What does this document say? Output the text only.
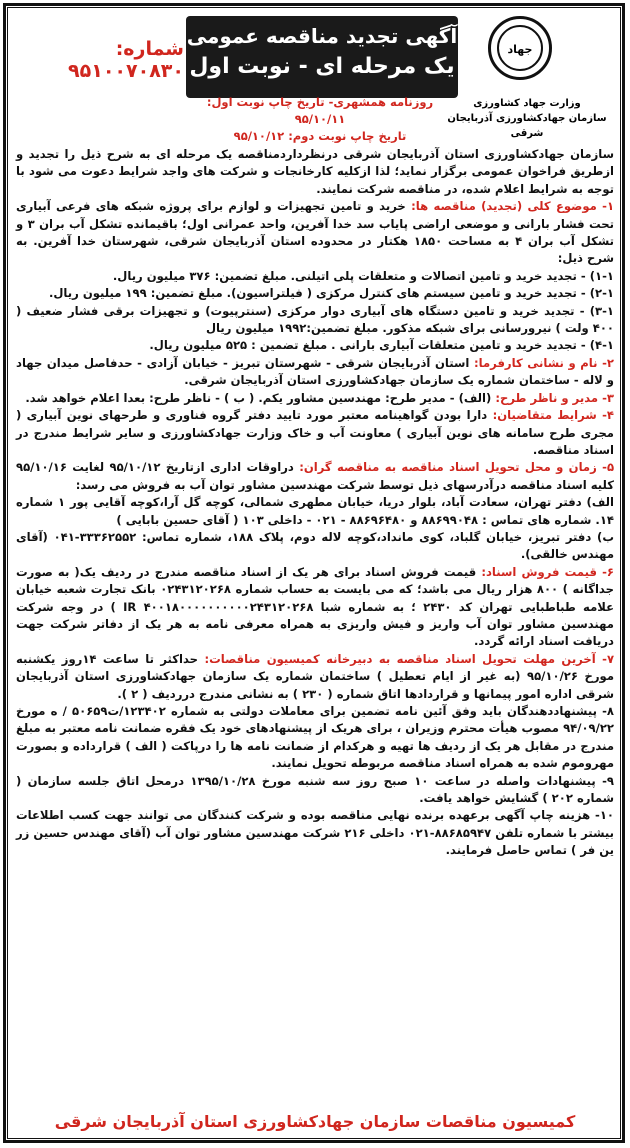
آگهی تجدید مناقصه عمومی
یک مرحله ای - نوبت اول
شماره: ۹۵۱۰۰۷۰۸۳۰
جهاد
وزارت جهاد کشاورزی
سازمان جهادکشاورزی آذربایجان شرقی
روزنامه همشهری- تاریخ چاپ نوبت اول: ۹۵/۱۰/۱۱
تاریخ چاپ نوبت دوم: ۹۵/۱۰/۱۲

سازمان جهادکشاورزی استان آذربایجان شرقی درنظرداردمناقصه یک مرحله ای به شرح ذیل را تجدید و ازطریق فراخوان عمومی برگزار نماید؛ لذا ازکلیه کارخانجات و شرکت های واجد شرایط دعوت می شود با توجه به شرایط اعلام شده، در مناقصه شرکت نمایند.

۱- موضوع کلی (تجدید) مناقصه ها: خرید و تامین تجهیزات و لوازم برای پروژه شبکه های فرعی آبیاری تحت فشار بارانی و موضعی اراضی پایاب سد خدا آفرین، واحد عمرانی اول؛ باقیمانده تشکل آب بران ۳ و تشکل آب بران ۴ به مساحت ۱۸۵۰ هکتار در محدوده استان آذربایجان شرقی، شهرستان خدا آفرین. به شرح ذیل:

۱-۱) - تجدید خرید و تامین اتصالات و متعلقات پلی اتیلنی. مبلغ تضمین: ۳۷۶ میلیون ریال.

۲-۱) - تجدید خرید و تامین سیستم های کنترل مرکزی ( فیلتراسیون). مبلغ تضمین: ۱۹۹ میلیون ریال.

۳-۱) - تجدید خرید و تامین دستگاه های آبیاری دوار مرکزی (سنترپیوت) و تجهیزات برقی فشار ضعیف ( ۴۰۰ ولت ) نیرورسانی برای شبکه مذکور. مبلغ تضمین:۱۹۹۲ میلیون ریال

۴-۱) - تجدید خرید و تامین متعلقات آبیاری بارانی . مبلغ تضمین : ۵۲۵ میلیون ریال.

۲- نام و نشانی کارفرما: استان آذربایجان شرقی - شهرستان تبریز - خیابان آزادی - حدفاصل میدان جهاد و لاله - ساختمان شماره یک سازمان جهادکشاورزی استان آذربایجان شرقی.

۳- مدیر و ناظر طرح: (الف) - مدیر طرح: مهندسین مشاور یکم. ( ب ) - ناظر طرح: بعدا اعلام خواهد شد.

۴- شرایط متقاضیان: دارا بودن گواهینامه معتبر مورد تایید دفتر گروه فناوری و طرحهای نوین آبیاری ( مجری طرح سامانه های نوین آبیاری ) معاونت آب و خاک وزارت جهادکشاورزی و سایر شرایط مندرج در اسناد مناقصه.

۵- زمان و محل تحویل اسناد مناقصه به مناقصه گران: دراوقات اداری ازتاریخ ۹۵/۱۰/۱۲ لغایت ۹۵/۱۰/۱۶ کلیه اسناد مناقصه درآدرسهای ذیل توسط شرکت مهندسین مشاور توان آب به فروش می رسد:

الف) دفتر تهران، سعادت آباد، بلوار دریا، خیابان مطهری شمالی، کوچه گل آرا،کوچه آقایی پور ۱ شماره ۱۴. شماره های تماس : ۸۸۶۹۹۰۴۸ و ۸۸۶۹۶۴۸۰ - ۰۲۱ - داخلی ۱۰۳ ( آقای حسین بابایی )

ب) دفتر تبریز، خیابان گلباد، کوی مانداد،کوچه لاله دوم، پلاک ۱۸۸، شماره تماس: ۳۳۳۶۲۵۵۲-۰۴۱ (آقای مهندس خالقی).

۶- قیمت فروش اسناد: قیمت فروش اسناد برای هر یک از اسناد مناقصه مندرج در ردیف یک( به صورت جداگانه ) ۸۰۰ هزار ریال می باشد؛ که می بایست به حساب شماره ۰۲۴۳۱۲۰۲۶۸ بانک تجارت شعبه خیابان علامه طباطبایی تهران کد ۲۴۳۰ ؛ به شماره شبا IR ۴۰۰۱۸۰۰۰۰۰۰۰۰۰۰۲۴۳۱۲۰۲۶۸ ) در وجه شرکت مهندسین مشاور توان آب واریز و فیش واریزی به همراه معرفی نامه به هر یک از دفاتر شرکت جهت دریافت اسناد ارائه گردد.

۷- آخرین مهلت تحویل اسناد مناقصه به دبیرخانه کمیسیون مناقصات: حداکثر تا ساعت ۱۴روز یکشنبه مورخ ۹۵/۱۰/۲۶ (به غیر از ایام تعطیل ) ساختمان شماره یک سازمان جهادکشاورزی استان آذربایجان شرقی اداره امور پیمانها و قراردادها اتاق شماره ( ۲۳۰ ) به نشانی مندرج درردیف ( ۲ ).

۸- پیشنهاددهندگان باید وفق آئین نامه تضمین برای معاملات دولتی به شماره ۱۲۳۴۰۲/ت۵۰۶۵۹ / ه مورخ ۹۴/۰۹/۲۲ مصوب هیأت محترم وزیران ، برای هریک از پیشنهادهای خود یک فقره ضمانت نامه معتبر به مبلغ مندرج در مقابل هر یک از ردیف ها تهیه و هرکدام از ضمانت نامه ها را درپاکت ( الف ) قرارداده و بصورت مهروموم شده به همراه اسناد مناقصه مربوطه تحویل نمایند.

۹- پیشنهادات واصله در ساعت ۱۰ صبح روز سه شنبه مورخ ۱۳۹۵/۱۰/۲۸ درمحل اتاق جلسه سازمان ( شماره ۲۰۲ ) گشایش خواهد یافت.

۱۰- هزینه چاپ آگهی برعهده برنده نهایی مناقصه بوده و شرکت کنندگان می توانند جهت کسب اطلاعات بیشتر با شماره تلفن ۸۸۶۸۵۹۴۷-۰۲۱ داخلی ۲۱۶ شرکت مهندسین مشاور توان آب (آقای مهندس حسین زر ین فر ) تماس حاصل فرمایند.

کمیسیون مناقصات سازمان جهادکشاورزی استان آذربایجان شرقی
